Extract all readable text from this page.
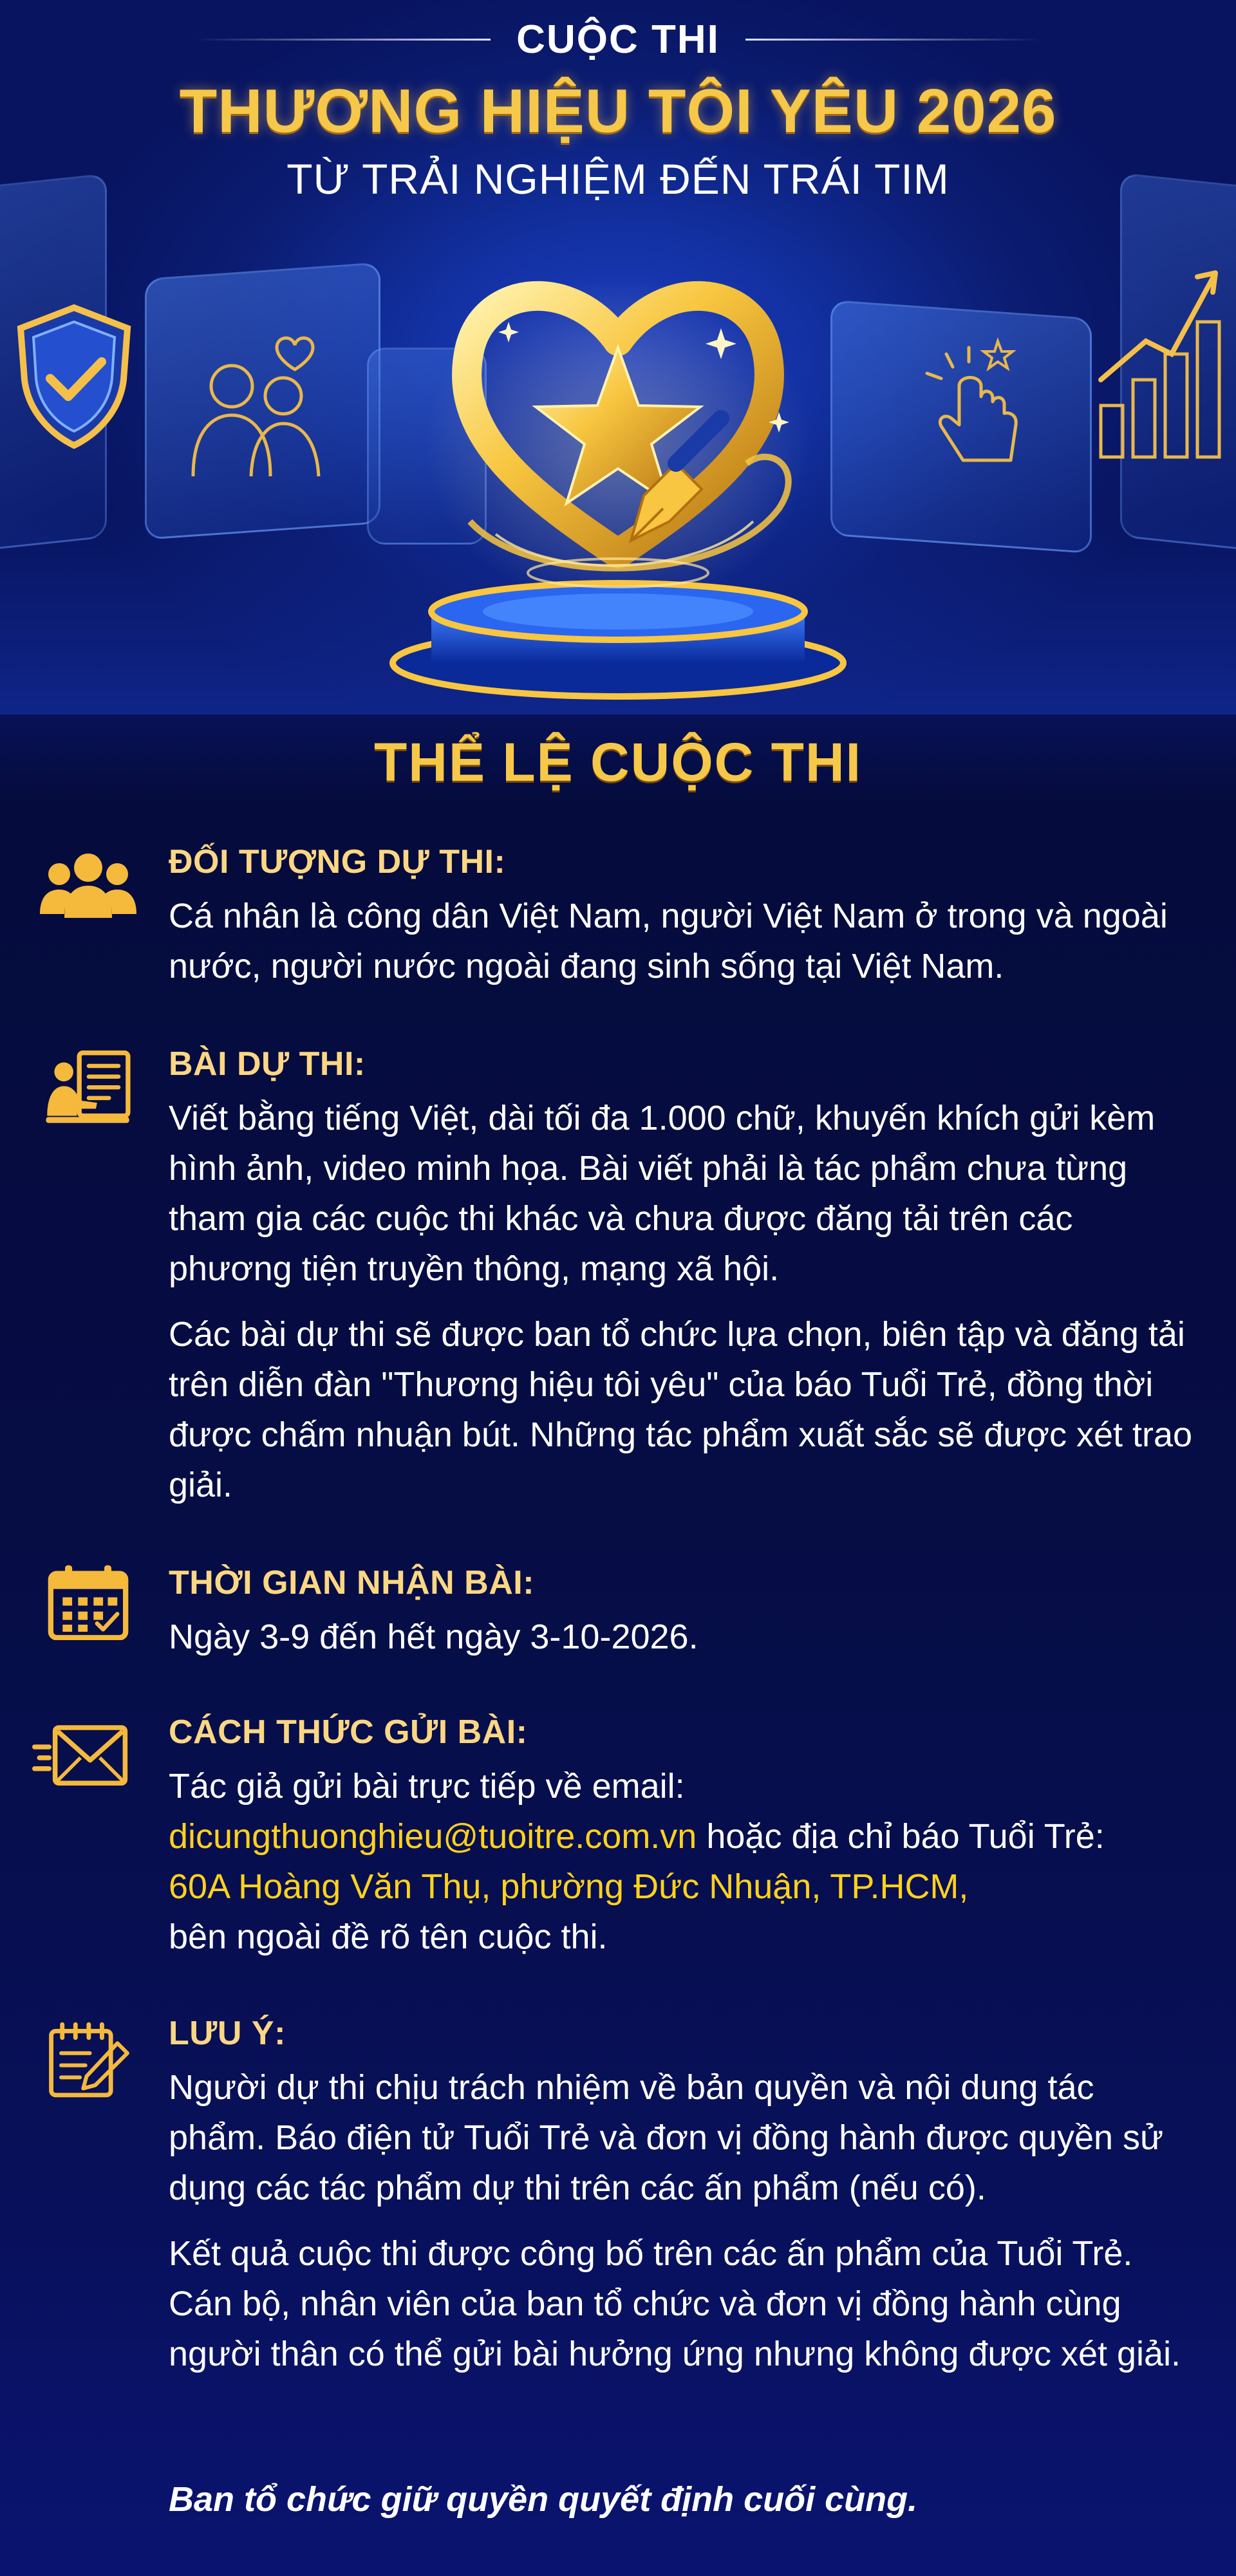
CUỘC THI
THƯƠNG HIỆU TÔI YÊU 2026
TỪ TRẢI NGHIỆM ĐẾN TRÁI TIM
THỂ LỆ CUỘC THI

ĐỐI TƯỢNG DỰ THI:

Cá nhân là công dân Việt Nam, người Việt Nam ở trong và ngoài nước, người nước ngoài đang sinh sống tại Việt Nam.

BÀI DỰ THI:

Viết bằng tiếng Việt, dài tối đa 1.000 chữ, khuyến khích gửi kèm hình ảnh, video minh họa. Bài viết phải là tác phẩm chưa từng tham gia các cuộc thi khác và chưa được đăng tải trên các phương tiện truyền thông, mạng xã hội.

Các bài dự thi sẽ được ban tổ chức lựa chọn, biên tập và đăng tải trên diễn đàn "Thương hiệu tôi yêu" của báo Tuổi Trẻ, đồng thời được chấm nhuận bút. Những tác phẩm xuất sắc sẽ được xét trao giải.

THỜI GIAN NHẬN BÀI:

Ngày 3-9 đến hết ngày 3-10-2026.

CÁCH THỨC GỬI BÀI:

Tác giả gửi bài trực tiếp về email:

dicungthuonghieu@tuoitre.com.vn hoặc địa chỉ báo Tuổi Trẻ:

60A Hoàng Văn Thụ, phường Đức Nhuận, TP.HCM,

bên ngoài đề rõ tên cuộc thi.

LƯU Ý:

Người dự thi chịu trách nhiệm về bản quyền và nội dung tác phẩm. Báo điện tử Tuổi Trẻ và đơn vị đồng hành được quyền sử dụng các tác phẩm dự thi trên các ấn phẩm (nếu có).

Kết quả cuộc thi được công bố trên các ấn phẩm của Tuổi Trẻ. Cán bộ, nhân viên của ban tổ chức và đơn vị đồng hành cùng người thân có thể gửi bài hưởng ứng nhưng không được xét giải.

Ban tổ chức giữ quyền quyết định cuối cùng.
